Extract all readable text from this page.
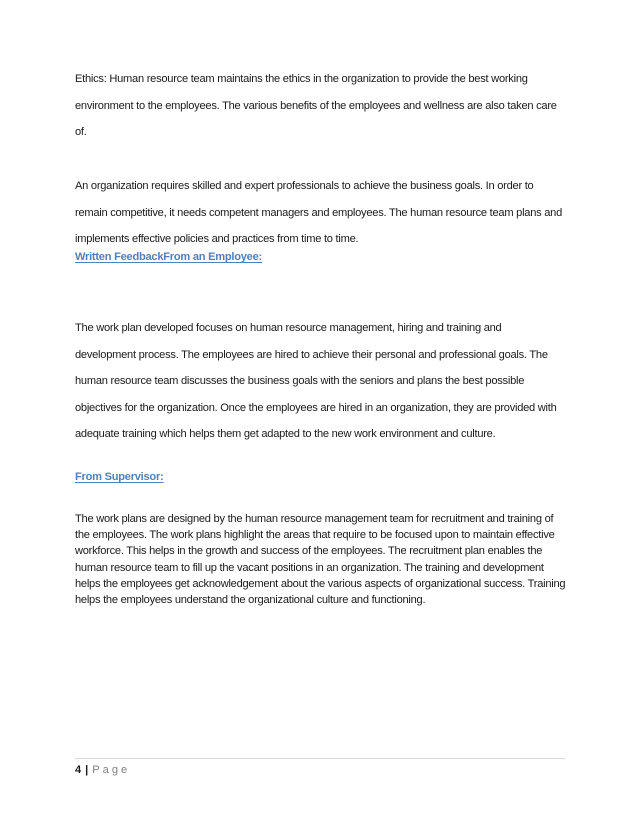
Ethics: Human resource team maintains the ethics in the organization to provide the best working
environment to the employees. The various benefits of the employees and wellness are also taken care
of.
An organization requires skilled and expert professionals to achieve the business goals. In order to
remain competitive, it needs competent managers and employees. The human resource team plans and
implements effective policies and practices from time to time.
Written FeedbackFrom an Employee:
The work plan developed focuses on human resource management, hiring and training and
development process. The employees are hired to achieve their personal and professional goals. The
human resource team discusses the business goals with the seniors and plans the best possible
objectives for the organization. Once the employees are hired in an organization, they are provided with
adequate training which helps them get adapted to the new work environment and culture.
From Supervisor:
The work plans are designed by the human resource management team for recruitment and training of
the employees. The work plans highlight the areas that require to be focused upon to maintain effective
workforce. This helps in the growth and success of the employees. The recruitment plan enables the
human resource team to fill up the vacant positions in an organization. The training and development
helps the employees get acknowledgement about the various aspects of organizational success. Training
helps the employees understand the organizational culture and functioning.
4 | Page
